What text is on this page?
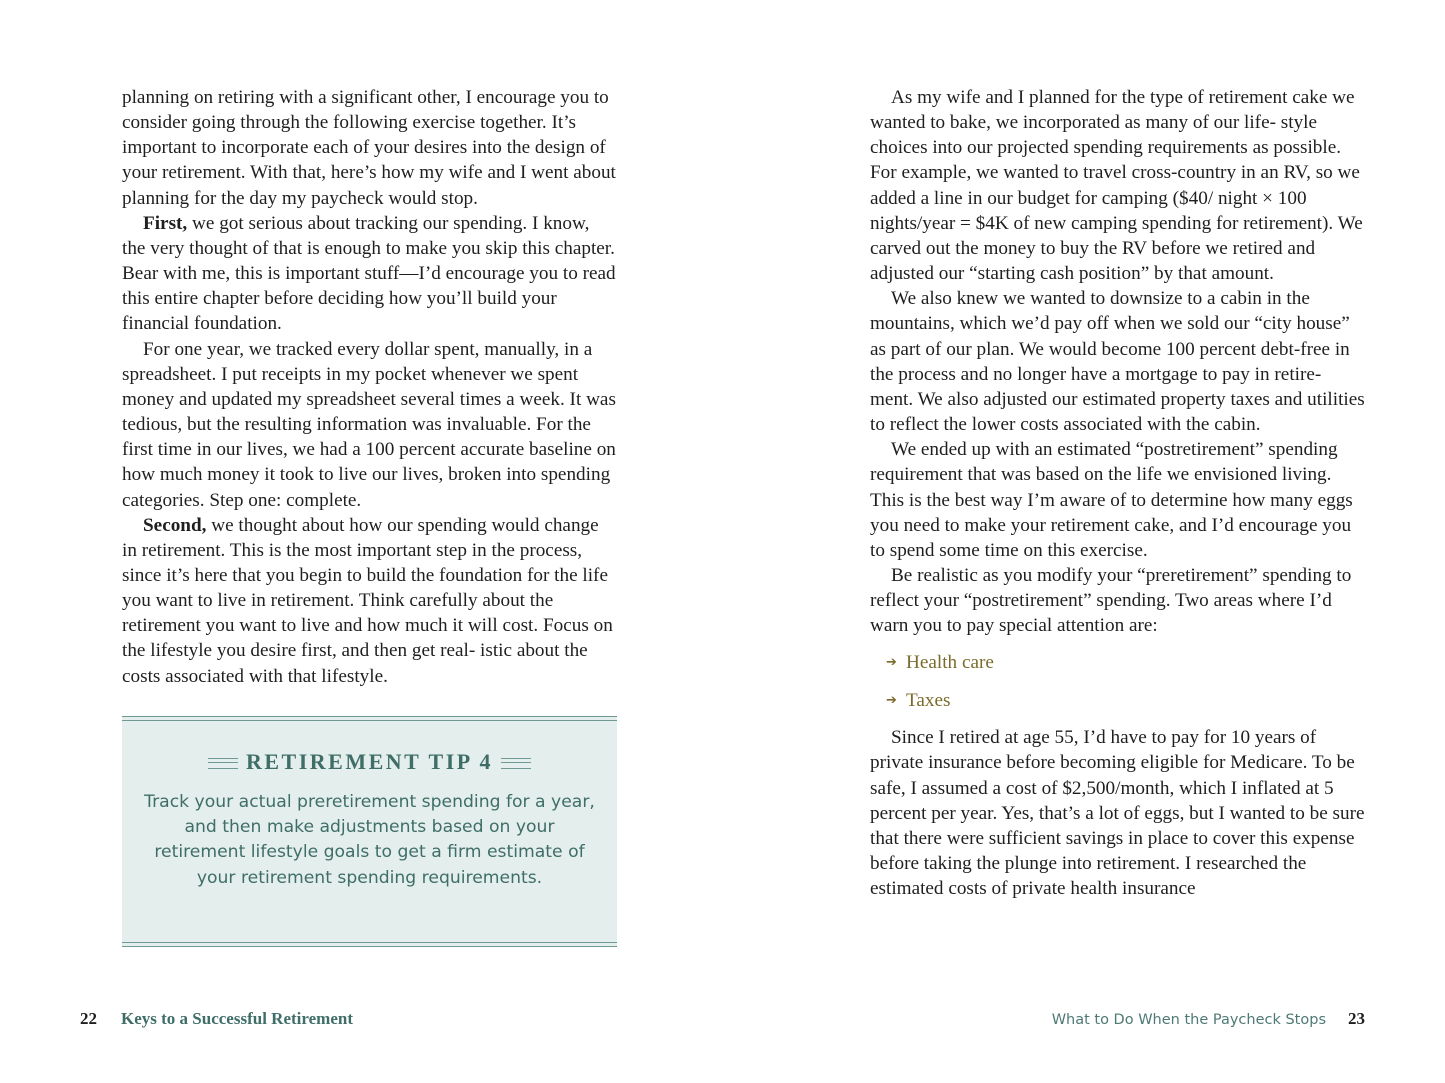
planning on retiring with a significant other, I encourage you to consider going through the following exercise together. It’s important to incorporate each of your desires into the design of your retirement. With that, here’s how my wife and I went about planning for the day my paycheck would stop.

First, we got serious about tracking our spending. I know, the very thought of that is enough to make you skip this chapter. Bear with me, this is important stuff—I’d encourage you to read this entire chapter before deciding how you’ll build your financial foundation.

For one year, we tracked every dollar spent, manually, in a spreadsheet. I put receipts in my pocket whenever we spent money and updated my spreadsheet several times a week. It was tedious, but the resulting information was invaluable. For the first time in our lives, we had a 100 percent accurate baseline on how much money it took to live our lives, broken into spending categories. Step one: complete.

Second, we thought about how our spending would change in retirement. This is the most important step in the process, since it’s here that you begin to build the foundation for the life you want to live in retirement. Think carefully about the retirement you want to live and how much it will cost. Focus on the lifestyle you desire first, and then get real- istic about the costs associated with that lifestyle.

RETIREMENT TIP 4
Track your actual preretirement spending for a year, and then make adjustments based on your retirement lifestyle goals to get a firm estimate of your retirement spending requirements.
22 Keys to a Successful Retirement

As my wife and I planned for the type of retirement cake we wanted to bake, we incorporated as many of our life- style choices into our projected spending requirements as possible. For example, we wanted to travel cross-country in an RV, so we added a line in our budget for camping ($40/ night × 100 nights/year = $4K of new camping spending for retirement). We carved out the money to buy the RV before we retired and adjusted our “starting cash position” by that amount.

We also knew we wanted to downsize to a cabin in the mountains, which we’d pay off when we sold our “city house” as part of our plan. We would become 100 percent debt-free in the process and no longer have a mortgage to pay in retire- ment. We also adjusted our estimated property taxes and utilities to reflect the lower costs associated with the cabin.

We ended up with an estimated “postretirement” spending requirement that was based on the life we envisioned living. This is the best way I’m aware of to determine how many eggs you need to make your retirement cake, and I’d encourage you to spend some time on this exercise.

Be realistic as you modify your “preretirement” spending to reflect your “postretirement” spending. Two areas where I’d warn you to pay special attention are:

➔ Health care
➔ Taxes

Since I retired at age 55, I’d have to pay for 10 years of private insurance before becoming eligible for Medicare. To be safe, I assumed a cost of $2,500/month, which I inflated at 5 percent per year. Yes, that’s a lot of eggs, but I wanted to be sure that there were sufficient savings in place to cover this expense before taking the plunge into retirement. I researched the estimated costs of private health insurance

What to Do When the Paycheck Stops 23
